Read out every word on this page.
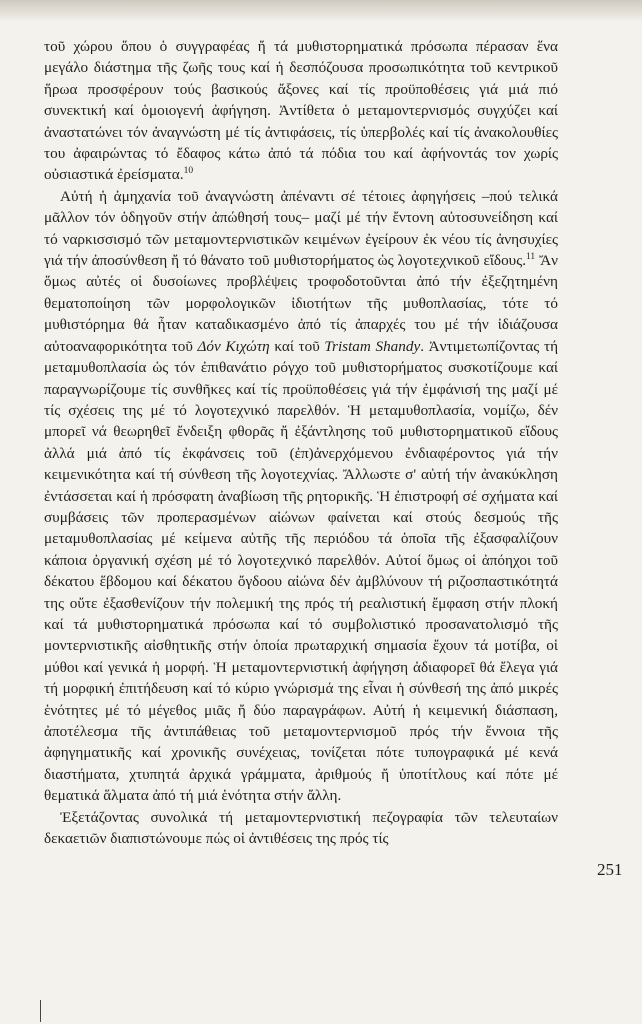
τοῦ χώρου ὅπου ὁ συγγραφέας ἤ τά μυθιστορηματικά πρόσωπα πέρασαν ἕνα μεγάλο διάστημα τῆς ζωῆς τους καί ἡ δεσπόζουσα προσωπικότητα τοῦ κεντρικοῦ ἥρωα προσφέρουν τούς βασικούς ἄξονες καί τίς προϋποθέσεις γιά μιά πιό συνεκτική καί ὁμοιογενή ἀφήγηση. Ἀντίθετα ὁ μεταμοντερνισμός συγχύζει καί ἀναστατώνει τόν ἀναγνώστη μέ τίς ἀντιφάσεις, τίς ὑπερβολές καί τίς ἀνακολουθίες του ἀφαιρώντας τό ἔδαφος κάτω ἀπό τά πόδια του καί ἀφήνοντάς τον χωρίς οὐσιαστικά ἐρείσματα.$^{10}$

Αὐτή ἡ ἀμηχανία τοῦ ἀναγνώστη ἀπέναντι σέ τέτοιες ἀφηγήσεις –πού τελικά μᾶλλον τόν ὁδηγοῦν στήν ἀπώθησή τους– μαζί μέ τήν ἔντονη αὐτοσυνείδηση καί τό ναρκισσισμό τῶν μεταμοντερνιστικῶν κειμένων ἐγείρουν ἐκ νέου τίς ἀνησυχίες γιά τήν ἀποσύνθεση ἤ τό θάνατο τοῦ μυθιστορήματος ὡς λογοτεχνικοῦ εἴδους.$^{11}$ Ἄν ὅμως αὐτές οἱ δυσοίωνες προβλέψεις τροφοδοτοῦνται ἀπό τήν ἐξεζητημένη θεματοποίηση τῶν μορφολογικῶν ἰδιοτήτων τῆς μυθοπλασίας, τότε τό μυθιστόρημα θά ἦταν καταδικασμένο ἀπό τίς ἀπαρχές του μέ τήν ἰδιάζουσα αὐτοαναφορικότητα τοῦ Δόν Κιχώτη καί τοῦ Tristam Shandy. Ἀντιμετωπίζοντας τή μεταμυθοπλασία ὡς τόν ἐπιθανάτιο ρόγχο τοῦ μυθιστορήματος συσκοτίζουμε καί παραγνωρίζουμε τίς συνθῆκες καί τίς προϋποθέσεις γιά τήν ἐμφάνισή της μαζί μέ τίς σχέσεις της μέ τό λογοτεχνικό παρελθόν. Ἡ μεταμυθοπλασία, νομίζω, δέν μπορεῖ νά θεωρηθεῖ ἔνδειξη φθορᾶς ἤ ἐξάντλησης τοῦ μυθιστορηματικοῦ εἴδους ἀλλά μιά ἀπό τίς ἐκφάνσεις τοῦ (ἐπ)ἀνερχόμενου ἐνδιαφέροντος γιά τήν κειμενικότητα καί τή σύνθεση τῆς λογοτεχνίας. Ἄλλωστε σ' αὐτή τήν ἀνακύκληση ἐντάσσεται καί ἡ πρόσφατη ἀναβίωση τῆς ρητορικῆς. Ἡ ἐπιστροφή σέ σχήματα καί συμβάσεις τῶν προπερασμένων αἰώνων φαίνεται καί στούς δεσμούς τῆς μεταμυθοπλασίας μέ κείμενα αὐτῆς τῆς περιόδου τά ὁποῖα τῆς ἐξασφαλίζουν κάποια ὀργανική σχέση μέ τό λογοτεχνικό παρελθόν. Αὐτοί ὅμως οἱ ἀπόηχοι τοῦ δέκατου ἕβδομου καί δέκατου ὄγδοου αἰώνα δέν ἀμβλύνουν τή ριζοσπαστικότητά της οὔτε ἐξασθενίζουν τήν πολεμική της πρός τή ρεαλιστική ἔμφαση στήν πλοκή καί τά μυθιστορηματικά πρόσωπα καί τό συμβολιστικό προσανατολισμό τῆς μοντερνιστικῆς αἰσθητικῆς στήν ὁποία πρωταρχική σημασία ἔχουν τά μοτίβα, οἱ μύθοι καί γενικά ἡ μορφή. Ἡ μεταμοντερνιστική ἀφήγηση ἀδιαφορεῖ θά ἔλεγα γιά τή μορφική ἐπιτήδευση καί τό κύριο γνώρισμά της εἶναι ἡ σύνθεσή της ἀπό μικρές ἑνότητες μέ τό μέγεθος μιᾶς ἤ δύο παραγράφων. Αὐτή ἡ κειμενική διάσπαση, ἀποτέλεσμα τῆς ἀντιπάθειας τοῦ μεταμοντερνισμοῦ πρός τήν ἔννοια τῆς ἀφηγηματικῆς καί χρονικῆς συνέχειας, τονίζεται πότε τυπογραφικά μέ κενά διαστήματα, χτυπητά ἀρχικά γράμματα, ἀριθμούς ἤ ὑποτίτλους καί πότε μέ θεματικά ἅλματα ἀπό τή μιά ἑνότητα στήν ἄλλη.

Ἐξετάζοντας συνολικά τή μεταμοντερνιστική πεζογραφία τῶν τελευταίων δεκαετιῶν διαπιστώνουμε πώς οἱ ἀντιθέσεις της πρός τίς

251
